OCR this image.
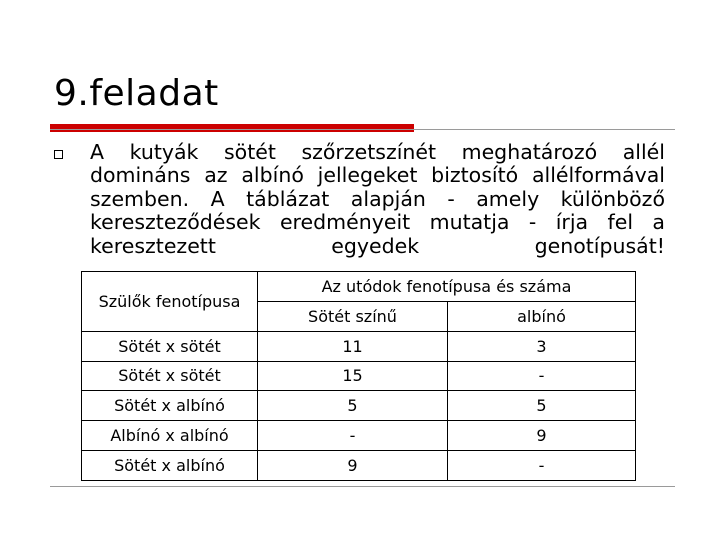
9.feladat
A kutyák sötét szőrzetszínét meghatározó allél domináns az albínó jellegeket biztosító allélformával szemben. A táblázat alapján - amely különböző kereszteződések eredményeit mutatja - írja fel a keresztezett egyedek genotípusát!
Szülők fenotípusa	Az utódok fenotípusa és száma	
	Sötét színű	albínó
Sötét x sötét	11	3
Sötét x sötét	15	-
Sötét x albínó	5	5
Albínó x albínó	-	9
Sötét x albínó	9	-
